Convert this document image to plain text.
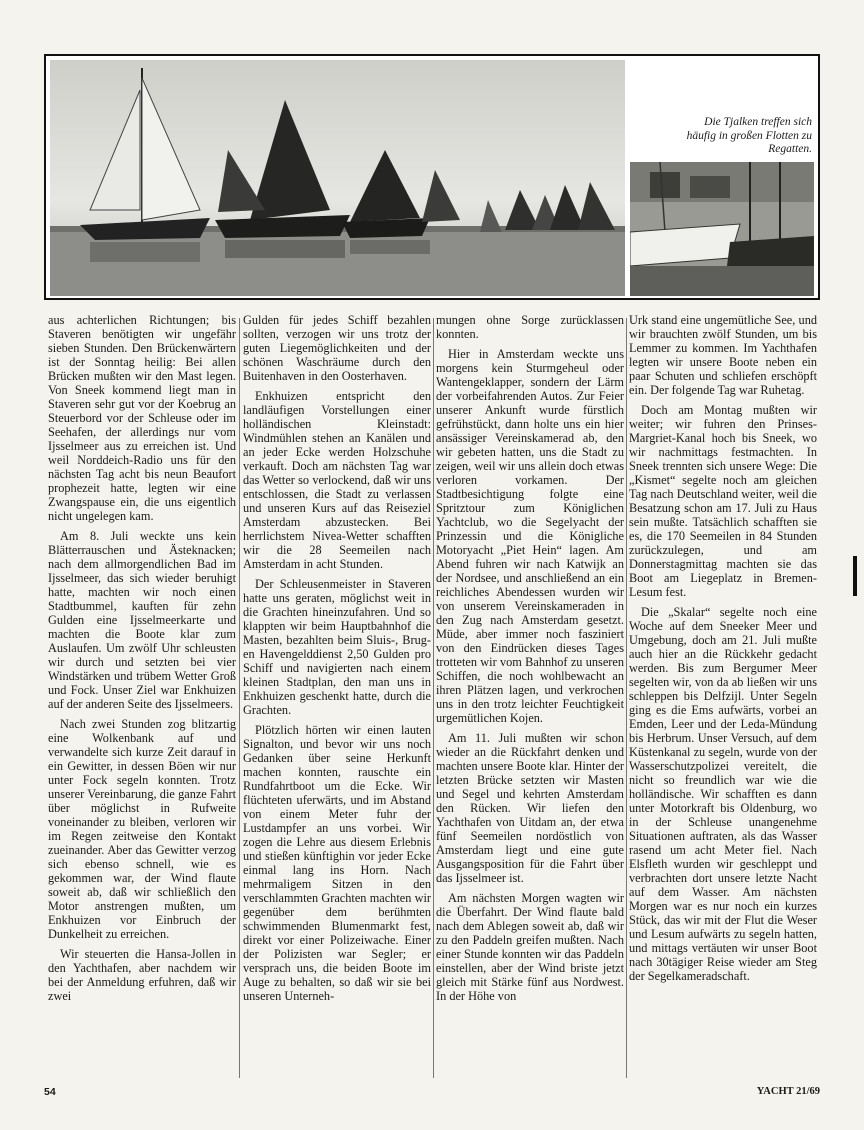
Die Tjalken treffen sich
häufig in großen Flotten zu
Regatten.

aus achterlichen Richtungen; bis Staveren benötigten wir ungefähr sieben Stunden. Den Brückenwärtern ist der Sonntag heilig: Bei allen Brücken mußten wir den Mast legen. Von Sneek kommend liegt man in Staveren sehr gut vor der Koebrug an Steuerbord vor der Schleuse oder im Seehafen, der allerdings nur vom Ijsselmeer aus zu erreichen ist. Und weil Norddeich-Radio uns für den nächsten Tag acht bis neun Beaufort prophezeit hatte, legten wir eine Zwangspause ein, die uns eigentlich nicht ungelegen kam.

Am 8. Juli weckte uns kein Blätterrauschen und Ästeknacken; nach dem allmorgendlichen Bad im Ijsselmeer, das sich wieder beruhigt hatte, machten wir noch einen Stadtbummel, kauften für zehn Gulden eine Ijsselmeerkarte und machten die Boote klar zum Auslaufen. Um zwölf Uhr schleusten wir durch und setzten bei vier Windstärken und trübem Wetter Groß und Fock. Unser Ziel war Enkhuizen auf der anderen Seite des Ijsselmeers.

Nach zwei Stunden zog blitzartig eine Wolkenbank auf und verwandelte sich kurze Zeit darauf in ein Gewitter, in dessen Böen wir nur unter Fock segeln konnten. Trotz unserer Vereinbarung, die ganze Fahrt über möglichst in Rufweite voneinander zu bleiben, verloren wir im Regen zeitweise den Kontakt zueinander. Aber das Gewitter verzog sich ebenso schnell, wie es gekommen war, der Wind flaute soweit ab, daß wir schließlich den Motor anstrengen mußten, um Enkhuizen vor Einbruch der Dunkelheit zu erreichen.

Wir steuerten die Hansa-Jollen in den Yachthafen, aber nachdem wir bei der Anmeldung erfuhren, daß wir zwei

Gulden für jedes Schiff bezahlen sollten, verzogen wir uns trotz der guten Liegemöglichkeiten und der schönen Waschräume durch den Buitenhaven in den Oosterhaven.

Enkhuizen entspricht den landläufigen Vorstellungen einer holländischen Kleinstadt: Windmühlen stehen an Kanälen und an jeder Ecke werden Holzschuhe verkauft. Doch am nächsten Tag war das Wetter so verlockend, daß wir uns entschlossen, die Stadt zu verlassen und unseren Kurs auf das Reiseziel Amsterdam abzustecken. Bei herrlichstem Nivea-Wetter schafften wir die 28 Seemeilen nach Amsterdam in acht Stunden.

Der Schleusenmeister in Staveren hatte uns geraten, möglichst weit in die Grachten hineinzufahren. Und so klappten wir beim Hauptbahnhof die Masten, bezahlten beim Sluis-, Brug- en Havengelddienst 2,50 Gulden pro Schiff und navigierten nach einem kleinen Stadtplan, den man uns in Enkhuizen geschenkt hatte, durch die Grachten.

Plötzlich hörten wir einen lauten Signalton, und bevor wir uns noch Gedanken über seine Herkunft machen konnten, rauschte ein Rundfahrtboot um die Ecke. Wir flüchteten uferwärts, und im Abstand von einem Meter fuhr der Lustdampfer an uns vorbei. Wir zogen die Lehre aus diesem Erlebnis und stießen künftighin vor jeder Ecke einmal lang ins Horn. Nach mehrmaligem Sitzen in den verschlammten Grachten machten wir gegenüber dem berühmten schwimmenden Blumenmarkt fest, direkt vor einer Polizeiwache. Einer der Polizisten war Segler; er versprach uns, die beiden Boote im Auge zu behalten, so daß wir sie bei unseren Unterneh-

mungen ohne Sorge zurücklassen konnten.

Hier in Amsterdam weckte uns morgens kein Sturmgeheul oder Wantengeklapper, sondern der Lärm der vorbeifahrenden Autos. Zur Feier unserer Ankunft wurde fürstlich gefrühstückt, dann holte uns ein hier ansässiger Vereinskamerad ab, den wir gebeten hatten, uns die Stadt zu zeigen, weil wir uns allein doch etwas verloren vorkamen. Der Stadtbesichtigung folgte eine Spritztour zum Königlichen Yachtclub, wo die Segelyacht der Prinzessin und die Königliche Motoryacht „Piet Hein“ lagen. Am Abend fuhren wir nach Katwijk an der Nordsee, und anschließend an ein reichliches Abendessen wurden wir von unserem Vereinskameraden in den Zug nach Amsterdam gesetzt. Müde, aber immer noch fasziniert von den Eindrücken dieses Tages trotteten wir vom Bahnhof zu unseren Schiffen, die noch wohlbewacht an ihren Plätzen lagen, und verkrochen uns in den trotz leichter Feuchtigkeit urgemütlichen Kojen.

Am 11. Juli mußten wir schon wieder an die Rückfahrt denken und machten unsere Boote klar. Hinter der letzten Brücke setzten wir Masten und Segel und kehrten Amsterdam den Rücken. Wir liefen den Yachthafen von Uitdam an, der etwa fünf Seemeilen nordöstlich von Amsterdam liegt und eine gute Ausgangsposition für die Fahrt über das Ijsselmeer ist.

Am nächsten Morgen wagten wir die Überfahrt. Der Wind flaute bald nach dem Ablegen soweit ab, daß wir zu den Paddeln greifen mußten. Nach einer Stunde konnten wir das Paddeln einstellen, aber der Wind briste jetzt gleich mit Stärke fünf aus Nordwest. In der Höhe von

Urk stand eine ungemütliche See, und wir brauchten zwölf Stunden, um bis Lemmer zu kommen. Im Yachthafen legten wir unsere Boote neben ein paar Schuten und schliefen erschöpft ein. Der folgende Tag war Ruhetag.

Doch am Montag mußten wir weiter; wir fuhren den Prinses-Margriet-Kanal hoch bis Sneek, wo wir nachmittags festmachten. In Sneek trennten sich unsere Wege: Die „Kismet“ segelte noch am gleichen Tag nach Deutschland weiter, weil die Besatzung schon am 17. Juli zu Haus sein mußte. Tatsächlich schafften sie es, die 170 Seemeilen in 84 Stunden zurückzulegen, und am Donnerstagmittag machten sie das Boot am Liegeplatz in Bremen-Lesum fest.

Die „Skalar“ segelte noch eine Woche auf dem Sneeker Meer und Umgebung, doch am 21. Juli mußte auch hier an die Rückkehr gedacht werden. Bis zum Bergumer Meer segelten wir, von da ab ließen wir uns schleppen bis Delfzijl. Unter Segeln ging es die Ems aufwärts, vorbei an Emden, Leer und der Leda-Mündung bis Herbrum. Unser Versuch, auf dem Küstenkanal zu segeln, wurde von der Wasserschutzpolizei vereitelt, die nicht so freundlich war wie die holländische. Wir schafften es dann unter Motorkraft bis Oldenburg, wo in der Schleuse unangenehme Situationen auftraten, als das Wasser rasend um acht Meter fiel. Nach Elsfleth wurden wir geschleppt und verbrachten dort unsere letzte Nacht auf dem Wasser. Am nächsten Morgen war es nur noch ein kurzes Stück, das wir mit der Flut die Weser und Lesum aufwärts zu segeln hatten, und mittags vertäuten wir unser Boot nach 30tägiger Reise wieder am Steg der Segelkameradschaft.

54	YACHT 21/69
